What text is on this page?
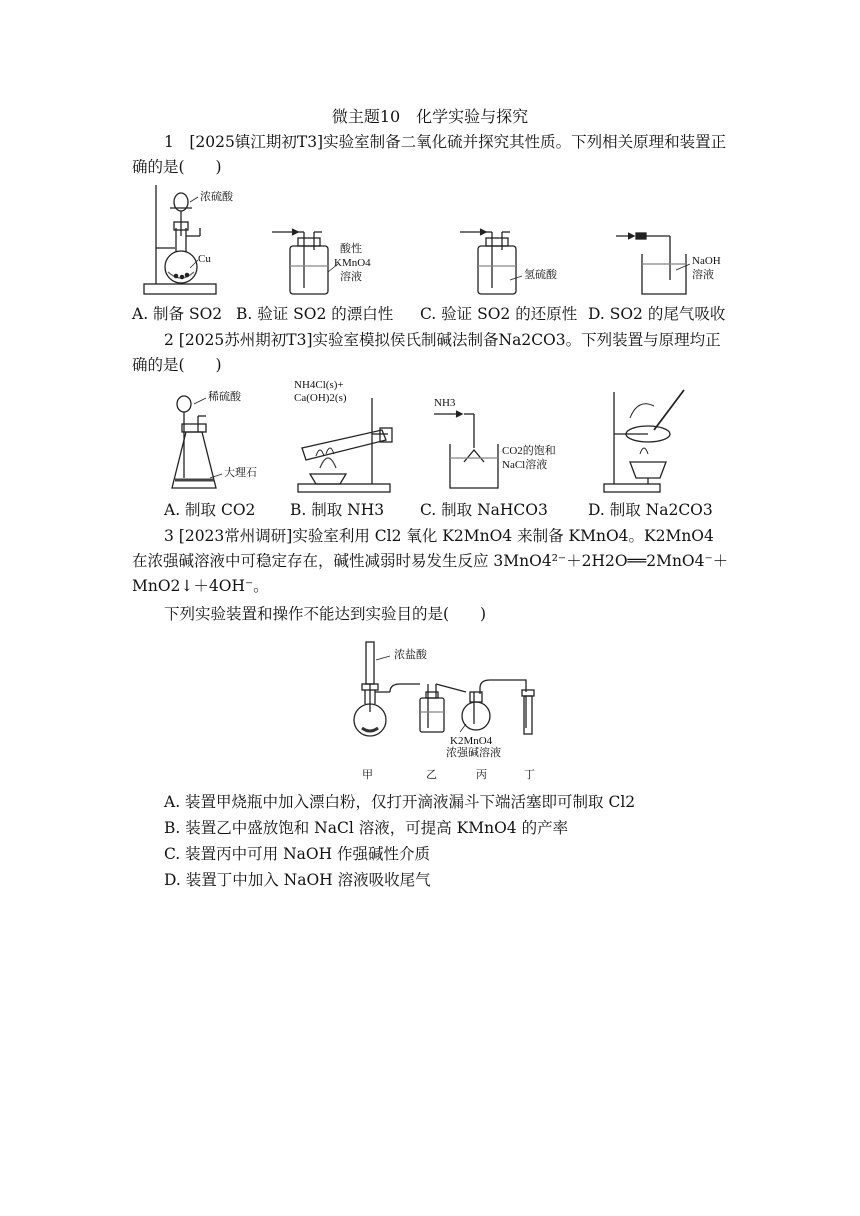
微主题10　化学实验与探究
1　[2025镇江期初T3]实验室制备二氧化硫并探究其性质。下列相关原理和装置正确的是(　　)
浓硫酸
Cu
酸性
KMnO4
溶液	氢硫酸
NaOH
溶液
A. 制备 SO2 B. 验证 SO2 的漂白性 C. 验证 SO2 的还原性 D. SO2 的尾气吸收
2 [2025苏州期初T3]实验室模拟侯氏制碱法制备Na2CO3。下列装置与原理均正确的是(　　)
稀硫酸
大理石
NH4Cl(s)+
Ca(OH)2(s)	NH3
CO2的饱和
NaCl溶液
A. 制取 CO2 B. 制取 NH3 C. 制取 NaHCO3	D. 制取 Na2CO3
3 [2023常州调研]实验室利用 Cl2 氧化 K2MnO4 来制备 KMnO4。K2MnO4 在浓强碱溶液中可稳定存在，碱性减弱时易发生反应 3MnO4²⁻＋2H2O══2MnO4⁻＋MnO2↓＋4OH⁻。
下列实验装置和操作不能达到实验目的是(　　)
浓盐酸
K2MnO4
浓强碱溶液
甲	乙	丙	丁
A. 装置甲烧瓶中加入漂白粉，仅打开滴液漏斗下端活塞即可制取 Cl2
B. 装置乙中盛放饱和 NaCl 溶液，可提高 KMnO4 的产率
C. 装置丙中可用 NaOH 作强碱性介质
D. 装置丁中加入 NaOH 溶液吸收尾气
